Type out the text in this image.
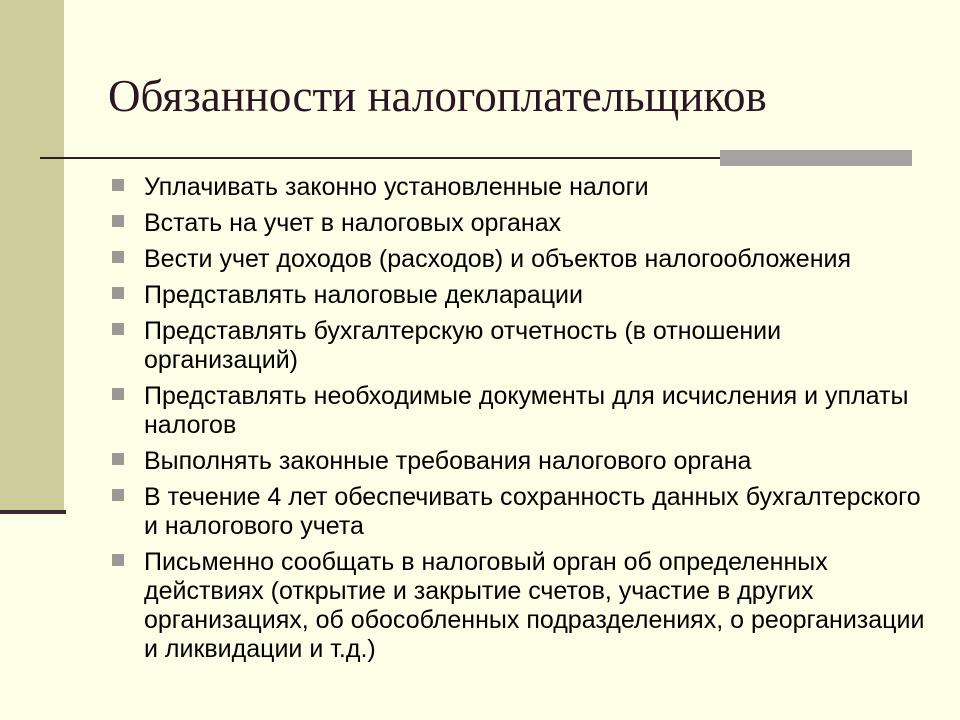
Обязанности налогоплательщиков
Уплачивать законно установленные налоги
Встать на учет в налоговых органах
Вести учет доходов (расходов) и объектов налогообложения
Представлять налоговые декларации
Представлять бухгалтерскую отчетность (в отношении организаций)
Представлять необходимые документы для исчисления и уплаты налогов
Выполнять законные требования налогового органа
В течение 4 лет обеспечивать сохранность данных бухгалтерского и налогового учета
Письменно сообщать в налоговый орган об определенных действиях (открытие и закрытие счетов, участие в других организациях, об обособленных подразделениях, о реорганизации и ликвидации и т.д.)
